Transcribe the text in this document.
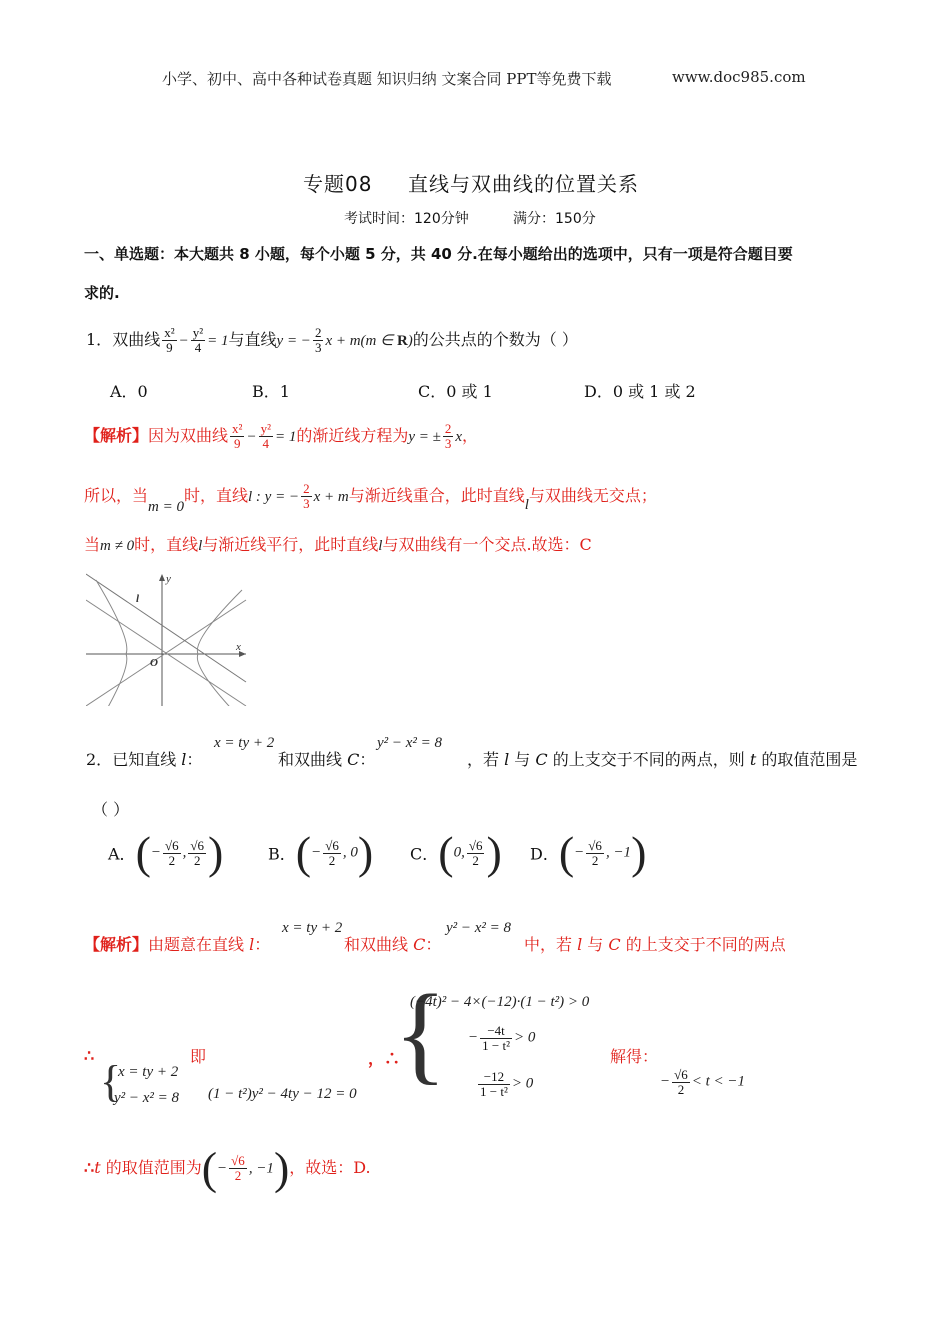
小学、初中、高中各种试卷真题 知识归纳 文案合同 PPT等免费下载	www.doc985.com
专题08 直线与双曲线的位置关系
考试时间：120分钟	满分：150分
一、单选题：本大题共 8 小题，每个小题 5 分，共 40 分.在每小题给出的选项中，只有一项是符合题目要
求的.
1．双曲线 $\frac{\text{x²}}{9} - \frac{\text{y²}}{4} = 1$与直线y = − $\frac{2}{3}$ x + m(m ∈ R)的公共点的个数为（ ）
A．0	B．1	C．0 或 1	D．0 或 1 或 2
【解析】因为双曲线 $\frac{\text{x²}}{9} - \frac{\text{y²}}{4} = 1$的渐近线方程为y = ± $\frac{2}{3}$ x，
所以，当m = 0时，直线l : y = − $\frac{2}{3}$ x + m与渐近线重合，此时直线l与双曲线无交点；
当m ≠ 0时，直线l与渐近线平行，此时直线l与双曲线有一个交点.故选：C
y
x
O
l
2．已知直线 l：
x = ty + 2
和双曲线 C：
y² − x² = 8
，若 l 与 C 的上支交于不同的两点，则 t 的取值范围是
（ ）
A．(− $\frac{√6}{2}$ , $\frac{√6}{2}$ )	B．(− $\frac{√6}{2}$ , 0) C．(0, $\frac{√6}{2}$ ) D．(− $\frac{√6}{2}$ , −1)
【解析】由题意在直线 l：
x = ty + 2
和双曲线 C：
y² − x² = 8
中，若 l 与 C 的上支交于不同的两点
∴	即	，∴	解得：
{
x = ty + 2
y² − x² = 8 (1 − t²)y² − 4ty − 12 = 0 {
(−4t)² − 4×(−12)·(1 − t²) > 0
− $\frac{-4t}{\text{1 − t²}} > 0$
$\frac{-12}{\text{1 − t²}} > 0$	− $\frac{√6}{2} < t < -1$
∴t 的取值范围为(− $\frac{√6}{2}$ , −1)，故选：D.
